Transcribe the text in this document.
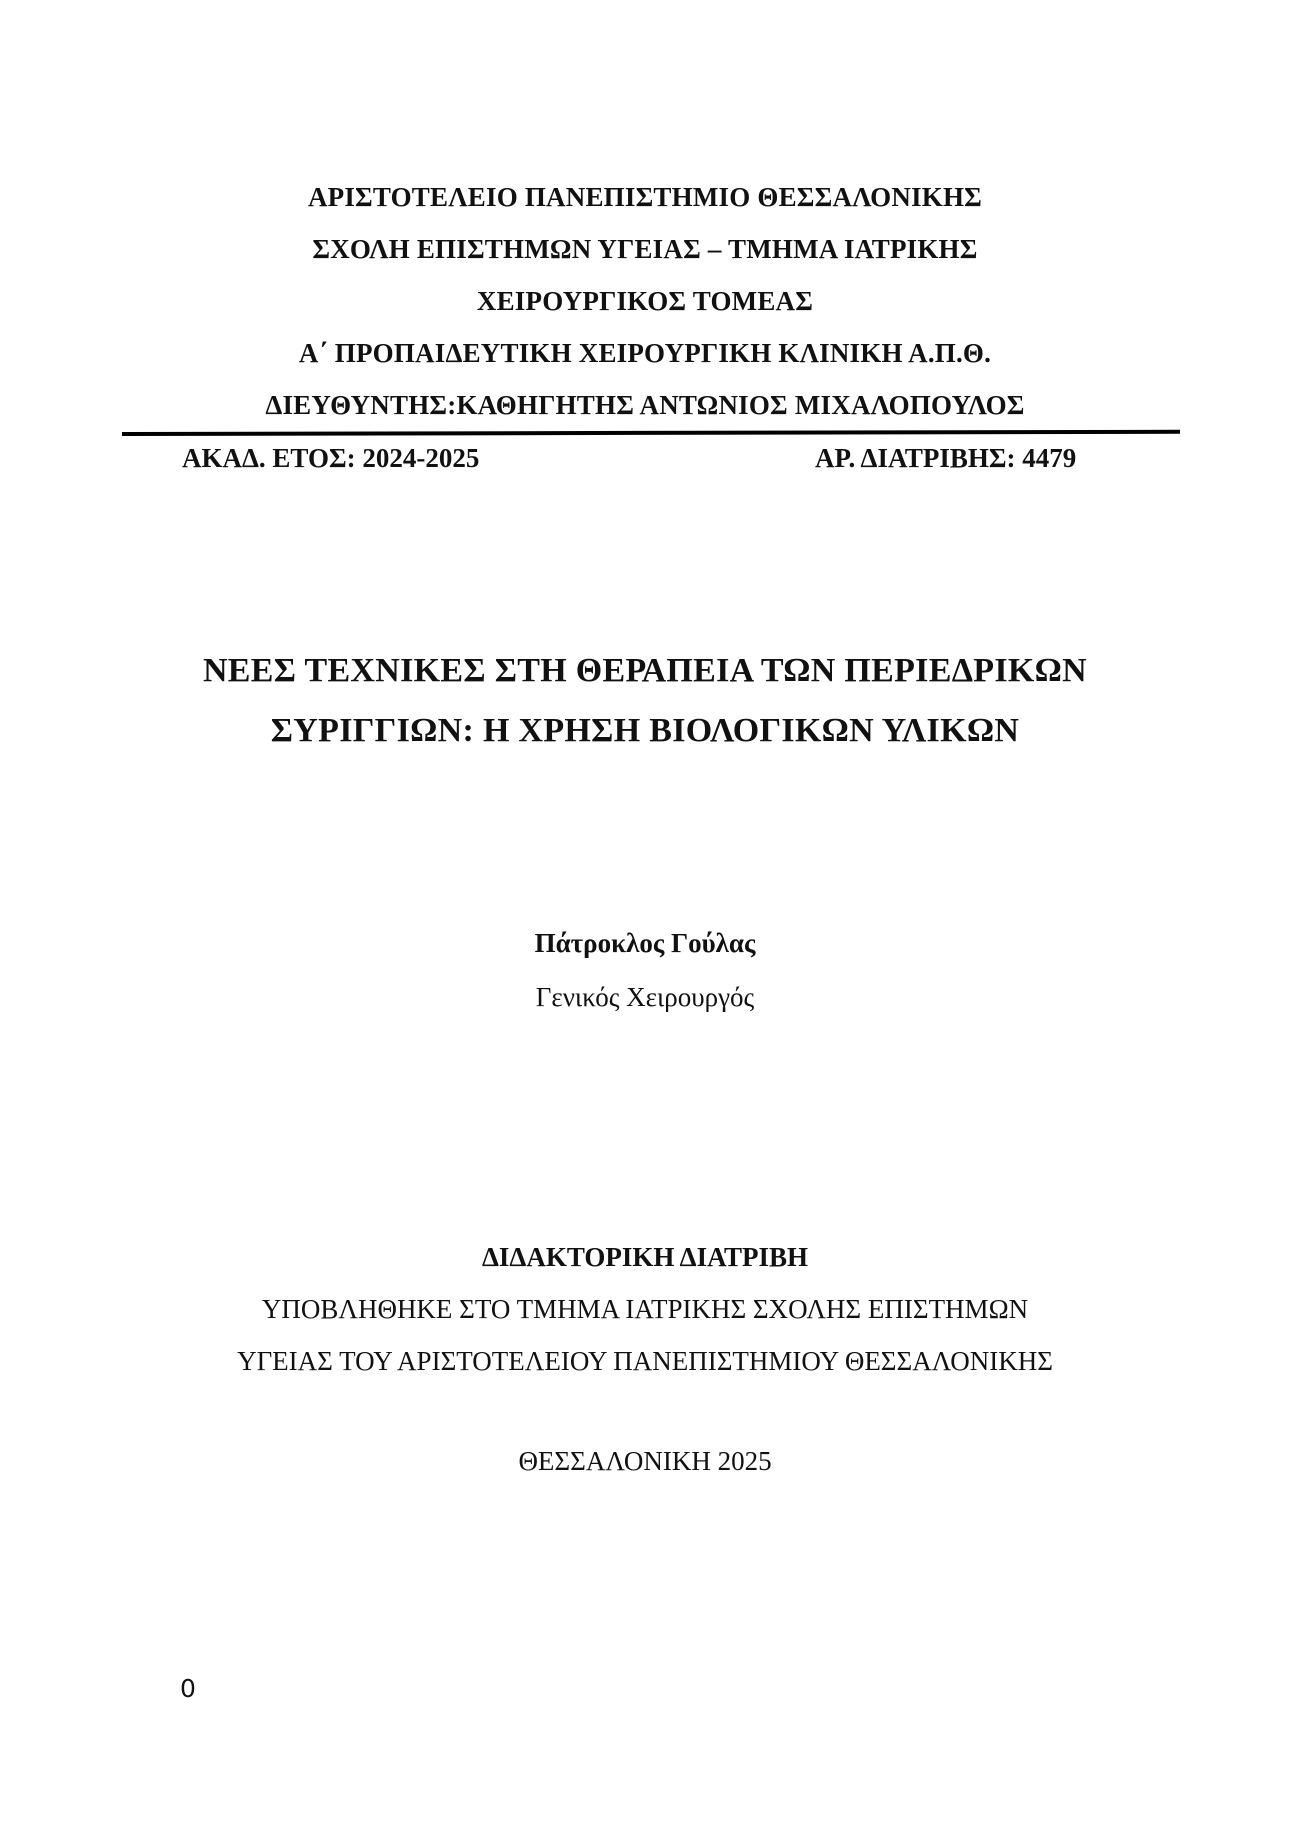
ΑΡΙΣΤΟΤΕΛΕΙΟ ΠΑΝΕΠΙΣΤΗΜΙΟ ΘΕΣΣΑΛΟΝΙΚΗΣ
ΣΧΟΛΗ ΕΠΙΣΤΗΜΩΝ ΥΓΕΙΑΣ – ΤΜΗΜΑ ΙΑΤΡΙΚΗΣ
ΧΕΙΡΟΥΡΓΙΚΟΣ ΤΟΜΕΑΣ
Α΄ ΠΡΟΠΑΙΔΕΥΤΙΚΗ ΧΕΙΡΟΥΡΓΙΚΗ ΚΛΙΝΙΚΗ Α.Π.Θ.
ΔΙΕΥΘΥΝΤΗΣ:ΚΑΘΗΓΗΤΗΣ ΑΝΤΩΝΙΟΣ ΜΙΧΑΛΟΠΟΥΛΟΣ
ΑΚΑΔ. ΕΤΟΣ: 2024-2025	ΑΡ. ΔΙΑΤΡΙΒΗΣ: 4479
ΝΕΕΣ ΤΕΧΝΙΚΕΣ ΣΤΗ ΘΕΡΑΠΕΙΑ ΤΩΝ ΠΕΡΙΕΔΡΙΚΩΝ
ΣΥΡΙΓΓΙΩΝ: Η ΧΡΗΣΗ ΒΙΟΛΟΓΙΚΩΝ ΥΛΙΚΩΝ
Πάτροκλος Γούλας
Γενικός Χειρουργός
ΔΙΔΑΚΤΟΡΙΚΗ ΔΙΑΤΡΙΒΗ
ΥΠΟΒΛΗΘΗΚΕ ΣΤΟ ΤΜΗΜΑ ΙΑΤΡΙΚΗΣ ΣΧΟΛΗΣ ΕΠΙΣΤΗΜΩΝ
ΥΓΕΙΑΣ ΤΟΥ ΑΡΙΣΤΟΤΕΛΕΙΟΥ ΠΑΝΕΠΙΣΤΗΜΙΟΥ ΘΕΣΣΑΛΟΝΙΚΗΣ
ΘΕΣΣΑΛΟΝΙΚΗ 2025
0
